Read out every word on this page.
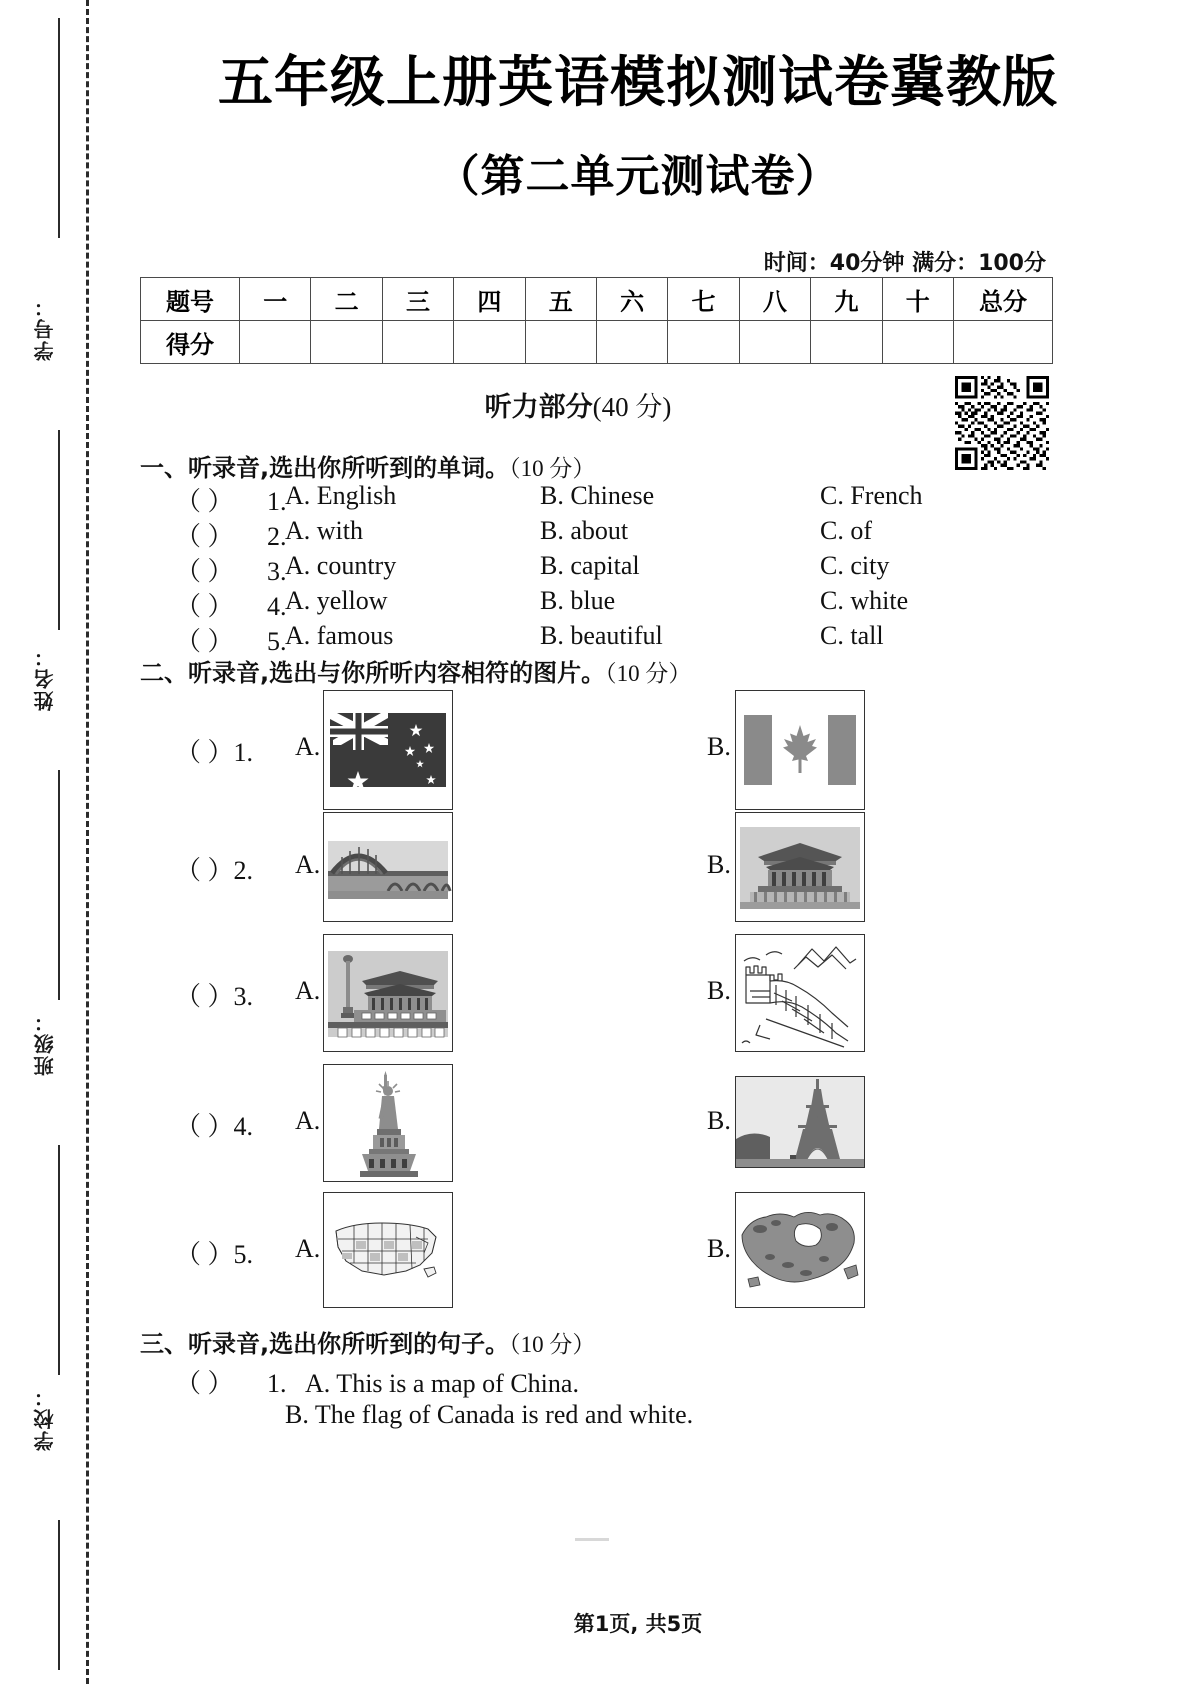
学号：
姓名：
班级：
学校：
五年级上册英语模拟测试卷冀教版
（第二单元测试卷）
时间：40分钟 满分：100分
题号	一	二	三	四	五	六	七	八	九	十	总分
得分											
听力部分(40 分)
一、听录音,选出你所听到的单词。（10 分）
（ ） 1.
A. English	B. Chinese	C. French
（ ） 2.
A. with	B. about	C. of
（ ） 3.
A. country	B. capital	C. city
（ ） 4.
A. yellow	B. blue	C. white
（ ） 5.
A. famous	B. beautiful	C. tall
二、听录音,选出与你所听内容相符的图片。（10 分）
（ ）1. A.	B.
（ ）2. A.	B.
（ ）3. A.	B.
（ ）4. A.	B.
（ ）5. A.	B.
三、听录音,选出你所听到的句子。（10 分）
（ ） 1. A. This is a map of China.
B. The flag of Canada is red and white.
第1页, 共5页
